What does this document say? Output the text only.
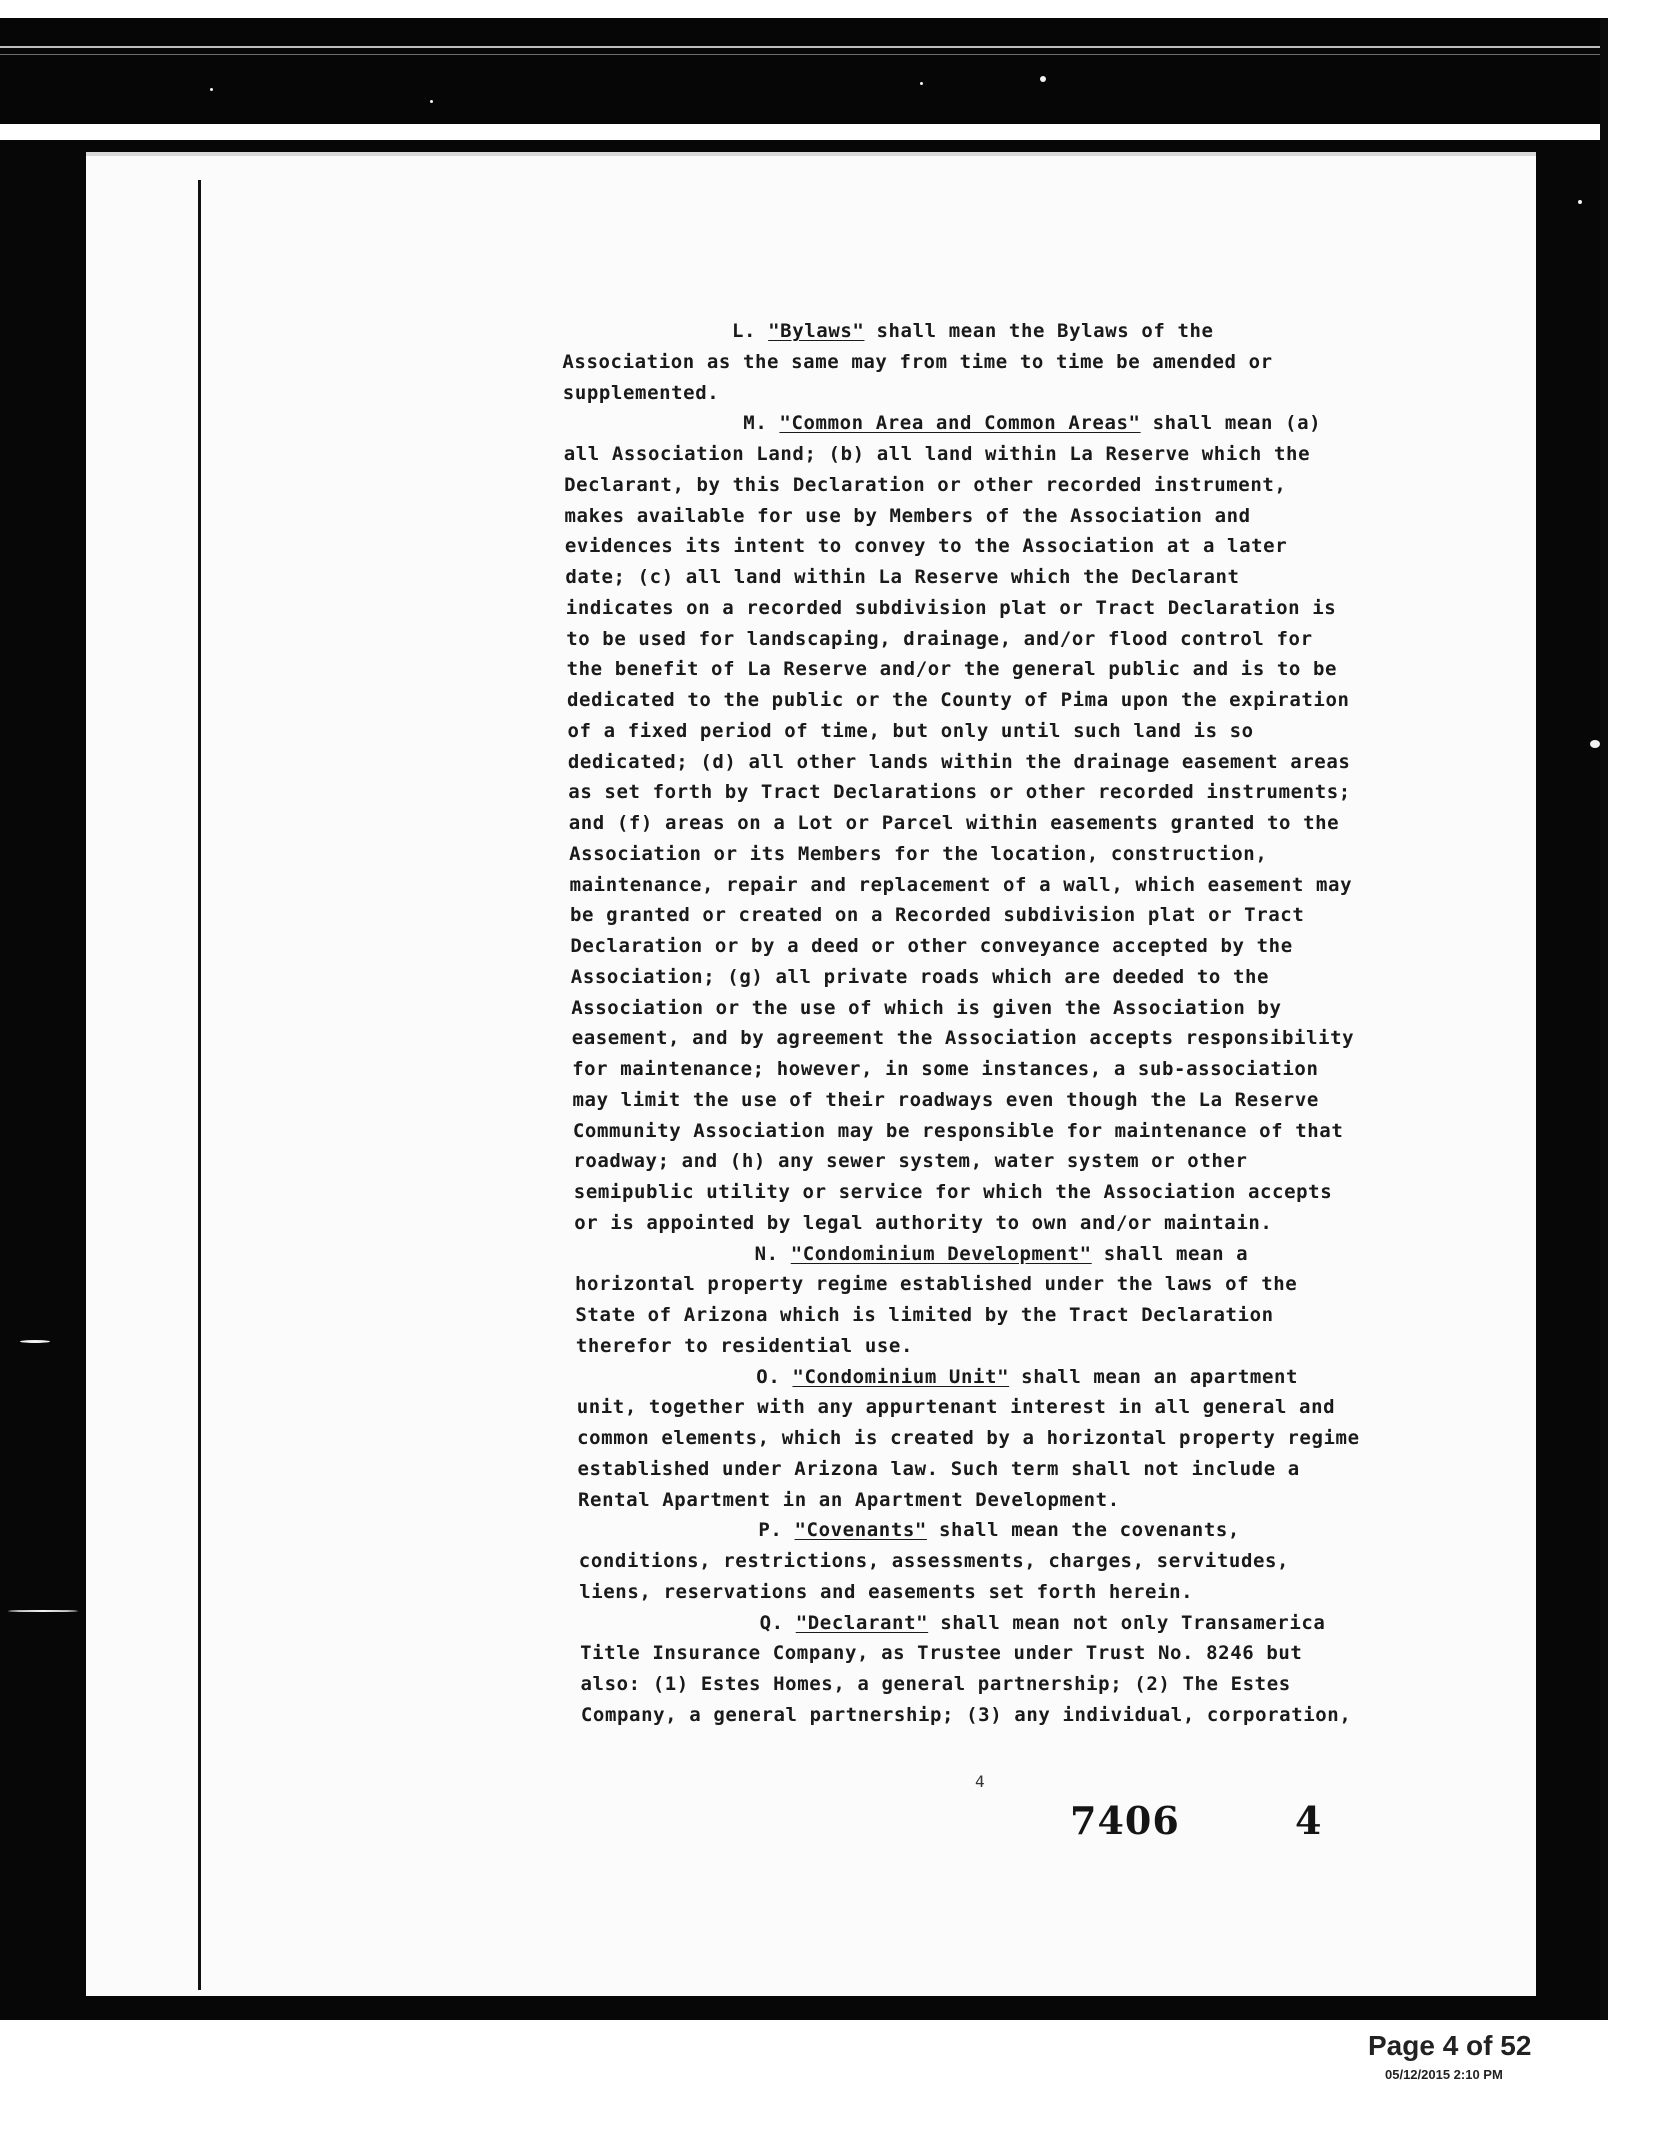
L. "Bylaws" shall mean the Bylaws of the

Association as the same may from time to time be amended or

supplemented.

M. "Common Area and Common Areas" shall mean (a)

all Association Land; (b) all land within La Reserve which the

Declarant, by this Declaration or other recorded instrument,

makes available for use by Members of the Association and

evidences its intent to convey to the Association at a later

date; (c) all land within La Reserve which the Declarant

indicates on a recorded subdivision plat or Tract Declaration is

to be used for landscaping, drainage, and/or flood control for

the benefit of La Reserve and/or the general public and is to be

dedicated to the public or the County of Pima upon the expiration

of a fixed period of time, but only until such land is so

dedicated; (d) all other lands within the drainage easement areas

as set forth by Tract Declarations or other recorded instruments;

and (f) areas on a Lot or Parcel within easements granted to the

Association or its Members for the location, construction,

maintenance, repair and replacement of a wall, which easement may

be granted or created on a Recorded subdivision plat or Tract

Declaration or by a deed or other conveyance accepted by the

Association; (g) all private roads which are deeded to the

Association or the use of which is given the Association by

easement, and by agreement the Association accepts responsibility

for maintenance; however, in some instances, a sub-association

may limit the use of their roadways even though the La Reserve

Community Association may be responsible for maintenance of that

roadway; and (h) any sewer system, water system or other

semipublic utility or service for which the Association accepts

or is appointed by legal authority to own and/or maintain.

N. "Condominium Development" shall mean a

horizontal property regime established under the laws of the

State of Arizona which is limited by the Tract Declaration

therefor to residential use.

O. "Condominium Unit" shall mean an apartment

unit, together with any appurtenant interest in all general and

common elements, which is created by a horizontal property regime

established under Arizona law. Such term shall not include a

Rental Apartment in an Apartment Development.

P. "Covenants" shall mean the covenants,

conditions, restrictions, assessments, charges, servitudes,

liens, reservations and easements set forth herein.

Q. "Declarant" shall mean not only Transamerica

Title Insurance Company, as Trustee under Trust No. 8246 but

also: (1) Estes Homes, a general partnership; (2) The Estes

Company, a general partnership; (3) any individual, corporation,

4
7406	4
Page 4 of 52
05/12/2015 2:10 PM
